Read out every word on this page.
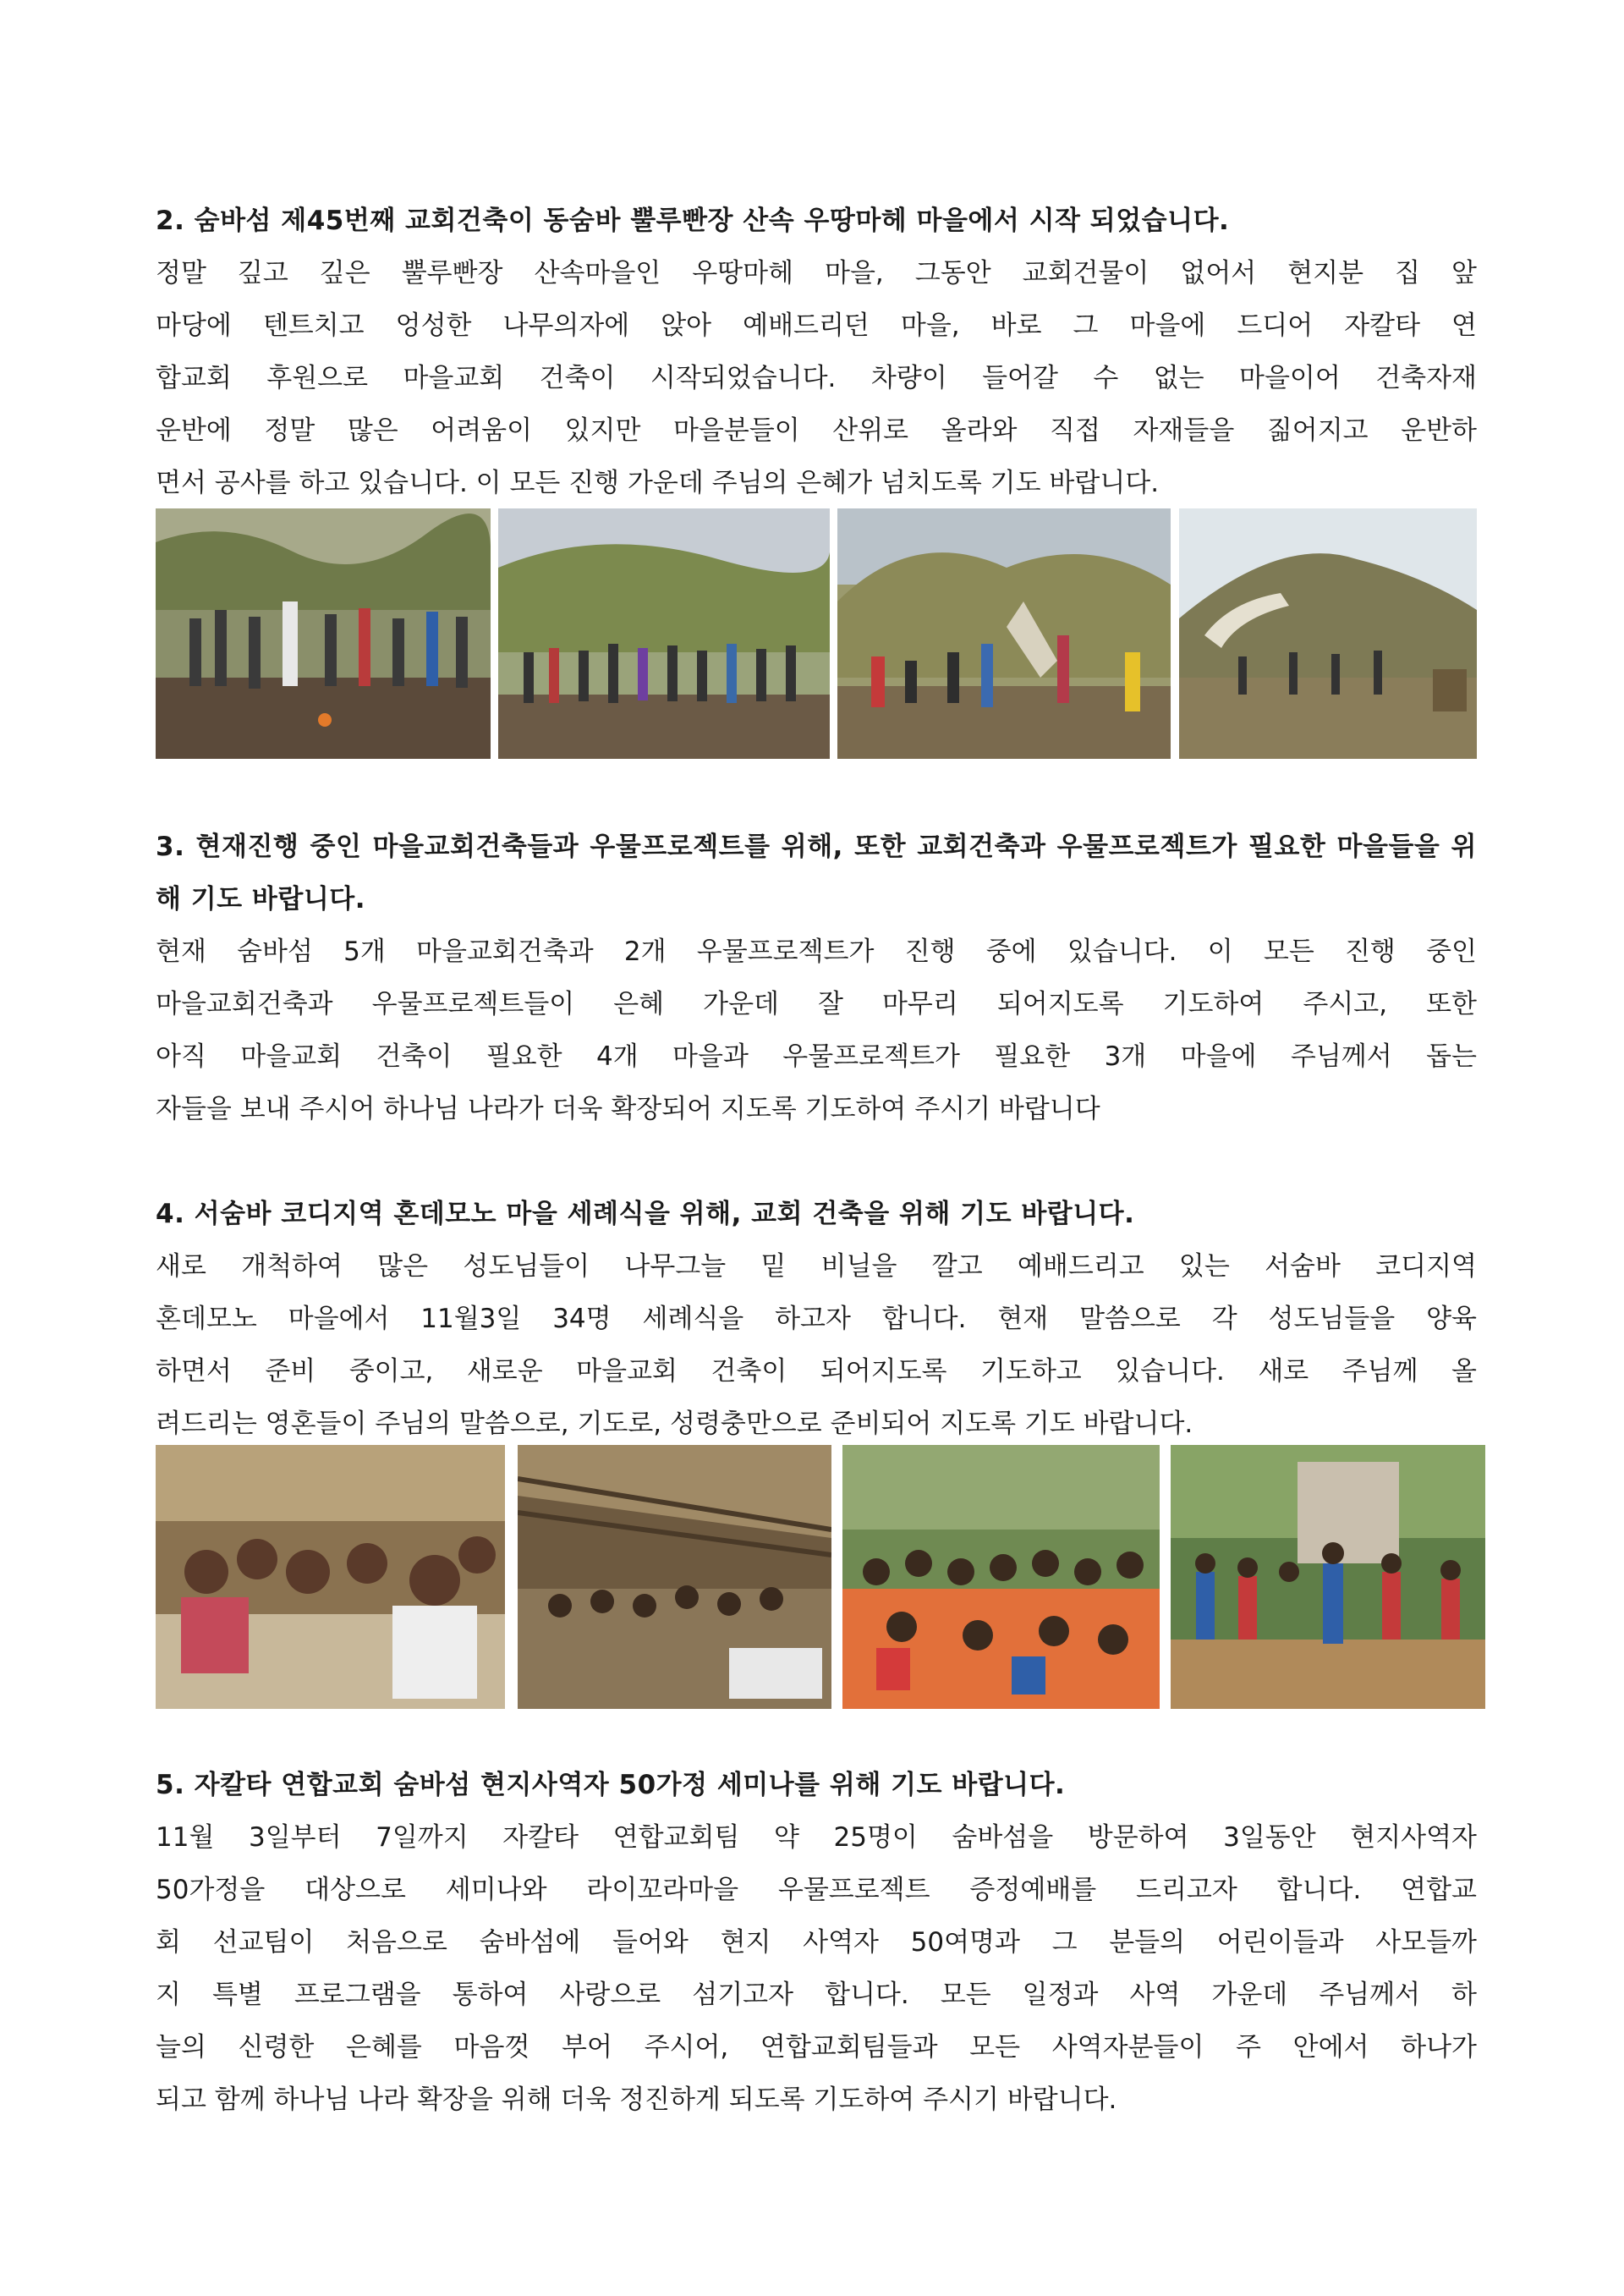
2. 숨바섬 제45번째 교회건축이 동숨바 뿔루빤장 산속 우땅마헤 마을에서 시작 되었습니다.

정말 깊고 깊은 뿔루빤장 산속마을인 우땅마헤 마을, 그동안 교회건물이 없어서 현지분 집 앞

마당에 텐트치고 엉성한 나무의자에 앉아 예배드리던 마을, 바로 그 마을에 드디어 자칼타 연

합교회 후원으로 마을교회 건축이 시작되었습니다. 차량이 들어갈 수 없는 마을이어 건축자재

운반에 정말 많은 어려움이 있지만 마을분들이 산위로 올라와 직접 자재들을 짊어지고 운반하

면서 공사를 하고 있습니다. 이 모든 진행 가운데 주님의 은혜가 넘치도록 기도 바랍니다.

3. 현재진행 중인 마을교회건축들과 우물프로젝트를 위해, 또한 교회건축과 우물프로젝트가 필요한 마을들을 위해 기도 바랍니다.

현재 숨바섬 5개 마을교회건축과 2개 우물프로젝트가 진행 중에 있습니다. 이 모든 진행 중인

마을교회건축과 우물프로젝트들이 은혜 가운데 잘 마무리 되어지도록 기도하여 주시고, 또한

아직 마을교회 건축이 필요한 4개 마을과 우물프로젝트가 필요한 3개 마을에 주님께서 돕는

자들을 보내 주시어 하나님 나라가 더욱 확장되어 지도록 기도하여 주시기 바랍니다

4. 서숨바 코디지역 혼데모노 마을 세례식을 위해, 교회 건축을 위해 기도 바랍니다.

새로 개척하여 많은 성도님들이 나무그늘 밑 비닐을 깔고 예배드리고 있는 서숨바 코디지역

혼데모노 마을에서 11월3일 34명 세례식을 하고자 합니다. 현재 말씀으로 각 성도님들을 양육

하면서 준비 중이고, 새로운 마을교회 건축이 되어지도록 기도하고 있습니다. 새로 주님께 올

려드리는 영혼들이 주님의 말씀으로, 기도로, 성령충만으로 준비되어 지도록 기도 바랍니다.

5. 자칼타 연합교회 숨바섬 현지사역자 50가정 세미나를 위해 기도 바랍니다.

11월 3일부터 7일까지 자칼타 연합교회팀 약 25명이 숨바섬을 방문하여 3일동안 현지사역자

50가정을 대상으로 세미나와 라이꼬라마을 우물프로젝트 증정예배를 드리고자 합니다. 연합교

회 선교팀이 처음으로 숨바섬에 들어와 현지 사역자 50여명과 그 분들의 어린이들과 사모들까

지 특별 프로그램을 통하여 사랑으로 섬기고자 합니다. 모든 일정과 사역 가운데 주님께서 하

늘의 신령한 은혜를 마음껏 부어 주시어, 연합교회팀들과 모든 사역자분들이 주 안에서 하나가

되고 함께 하나님 나라 확장을 위해 더욱 정진하게 되도록 기도하여 주시기 바랍니다.
